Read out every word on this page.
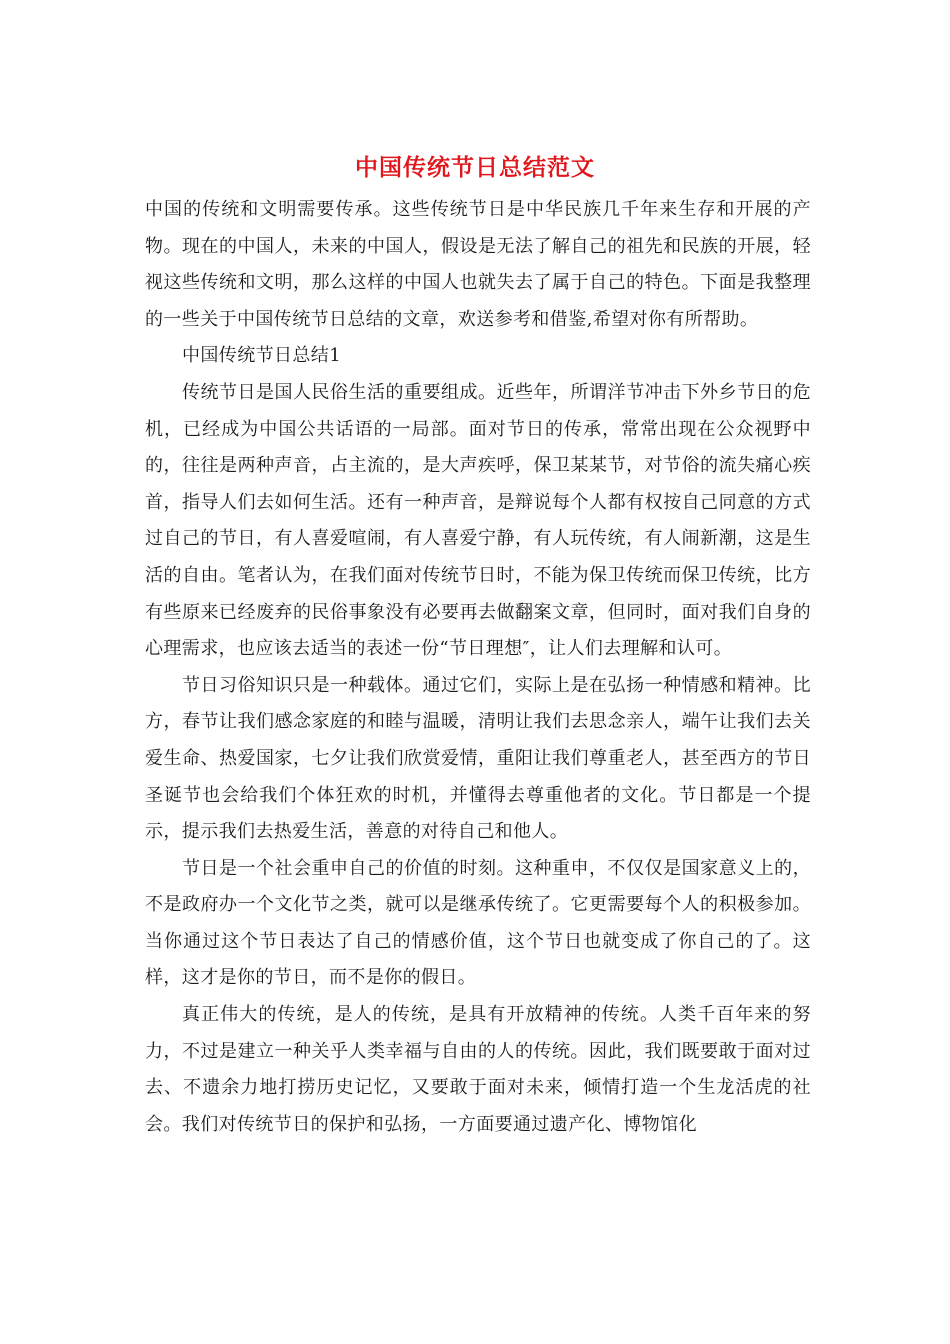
中国传统节日总结范文

中国的传统和文明需要传承。这些传统节日是中华民族几千年来生存和开展的产物。现在的中国人，未来的中国人，假设是无法了解自己的祖先和民族的开展，轻视这些传统和文明，那么这样的中国人也就失去了属于自己的特色。下面是我整理的一些关于中国传统节日总结的文章，欢送参考和借鉴,希望对你有所帮助。

中国传统节日总结1

传统节日是国人民俗生活的重要组成。近些年，所谓洋节冲击下外乡节日的危机，已经成为中国公共话语的一局部。面对节日的传承，常常出现在公众视野中的，往往是两种声音，占主流的，是大声疾呼，保卫某某节，对节俗的流失痛心疾首，指导人们去如何生活。还有一种声音，是辩说每个人都有权按自己同意的方式过自己的节日，有人喜爱喧闹，有人喜爱宁静，有人玩传统，有人闹新潮，这是生活的自由。笔者认为，在我们面对传统节日时，不能为保卫传统而保卫传统，比方有些原来已经废弃的民俗事象没有必要再去做翻案文章，但同时，面对我们自身的心理需求，也应该去适当的表述一份“节日理想″，让人们去理解和认可。

节日习俗知识只是一种载体。通过它们，实际上是在弘扬一种情感和精神。比方，春节让我们感念家庭的和睦与温暖，清明让我们去思念亲人，端午让我们去关爱生命、热爱国家，七夕让我们欣赏爱情，重阳让我们尊重老人，甚至西方的节日圣诞节也会给我们个体狂欢的时机，并懂得去尊重他者的文化。节日都是一个提示，提示我们去热爱生活，善意的对待自己和他人。

节日是一个社会重申自己的价值的时刻。这种重申，不仅仅是国家意义上的，不是政府办一个文化节之类，就可以是继承传统了。它更需要每个人的积极参加。当你通过这个节日表达了自己的情感价值，这个节日也就变成了你自己的了。这样，这才是你的节日，而不是你的假日。

真正伟大的传统，是人的传统，是具有开放精神的传统。人类千百年来的努力，不过是建立一种关乎人类幸福与自由的人的传统。因此，我们既要敢于面对过去、不遗余力地打捞历史记忆，又要敢于面对未来，倾情打造一个生龙活虎的社会。我们对传统节日的保护和弘扬，一方面要通过遗产化、博物馆化
